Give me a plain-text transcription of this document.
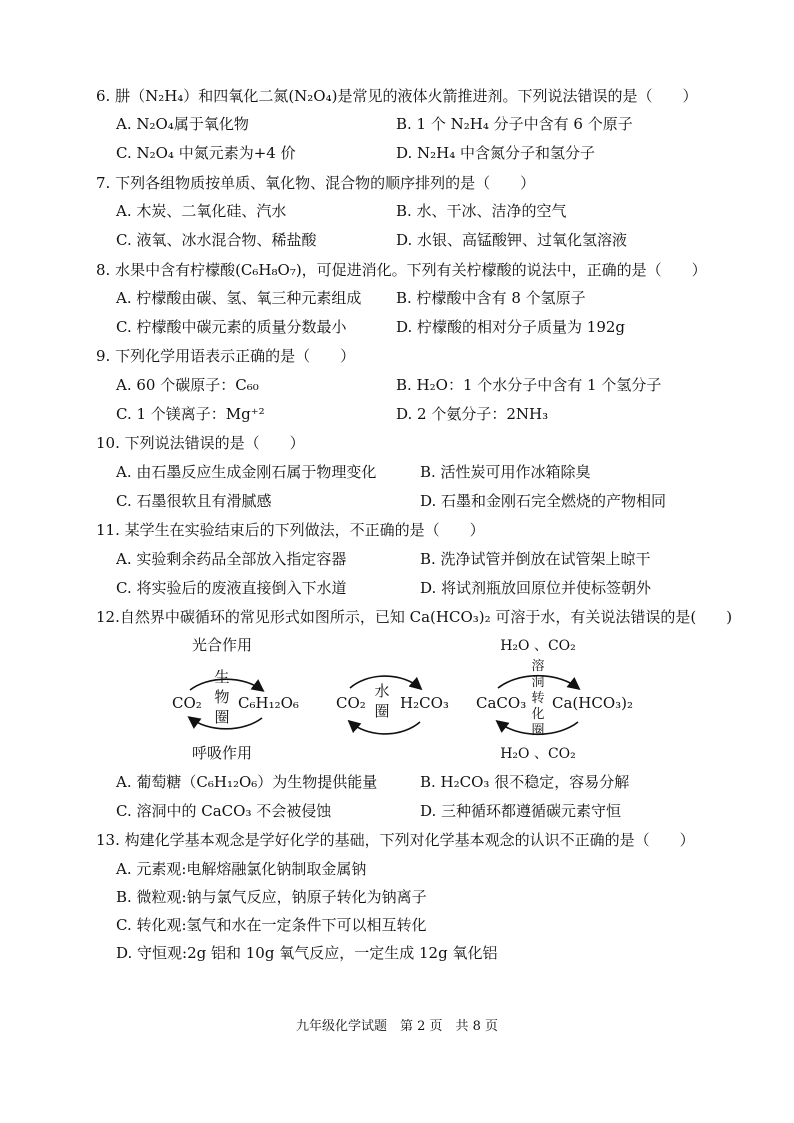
6. 肼（N₂H₄）和四氧化二氮(N₂O₄)是常见的液体火箭推进剂。下列说法错误的是（　　）
A. N₂O₄属于氧化物	B. 1 个 N₂H₄ 分子中含有 6 个原子
C. N₂O₄ 中氮元素为+4 价	D. N₂H₄ 中含氮分子和氢分子
7. 下列各组物质按单质、氧化物、混合物的顺序排列的是（　　）
A. 木炭、二氧化硅、汽水	B. 水、干冰、洁净的空气
C. 液氧、冰水混合物、稀盐酸	D. 水银、高锰酸钾、过氧化氢溶液
8. 水果中含有柠檬酸(C₆H₈O₇)，可促进消化。下列有关柠檬酸的说法中，正确的是（　　）
A. 柠檬酸由碳、氢、氧三种元素组成 B. 柠檬酸中含有 8 个氢原子
C. 柠檬酸中碳元素的质量分数最小	D. 柠檬酸的相对分子质量为 192g
9. 下列化学用语表示正确的是（　　）
A. 60 个碳原子：C₆₀	B. H₂O：1 个水分子中含有 1 个氢分子
C. 1 个镁离子：Mg⁺²	D. 2 个氨分子：2NH₃
10. 下列说法错误的是（　　）
A. 由石墨反应生成金刚石属于物理变化	B. 活性炭可用作冰箱除臭
C. 石墨很软且有滑腻感	D. 石墨和金刚石完全燃烧的产物相同
11. 某学生在实验结束后的下列做法，不正确的是（　　）
A. 实验剩余药品全部放入指定容器	B. 洗净试管并倒放在试管架上晾干
C. 将实验后的废液直接倒入下水道	D. 将试剂瓶放回原位并使标签朝外
12.自然界中碳循环的常见形式如图所示，已知 Ca(HCO₃)₂ 可溶于水，有关说法错误的是(　　)
光合作用
CO₂ C₆H₁₂O₆
生
物
圈
呼吸作用
CO₂ H₂CO₃
水
圈
H₂O 、CO₂
CaCO₃ Ca(HCO₃)₂
溶
洞
转
化
圈
H₂O 、CO₂
A. 葡萄糖（C₆H₁₂O₆）为生物提供能量	B. H₂CO₃ 很不稳定，容易分解
C. 溶洞中的 CaCO₃ 不会被侵蚀	D. 三种循环都遵循碳元素守恒
13. 构建化学基本观念是学好化学的基础，下列对化学基本观念的认识不正确的是（　　）
A. 元素观:电解熔融氯化钠制取金属钠
B. 微粒观:钠与氯气反应，钠原子转化为钠离子
C. 转化观:氢气和水在一定条件下可以相互转化
D. 守恒观:2g 铝和 10g 氧气反应，一定生成 12g 氧化铝
九年级化学试题　第 2 页　共 8 页
